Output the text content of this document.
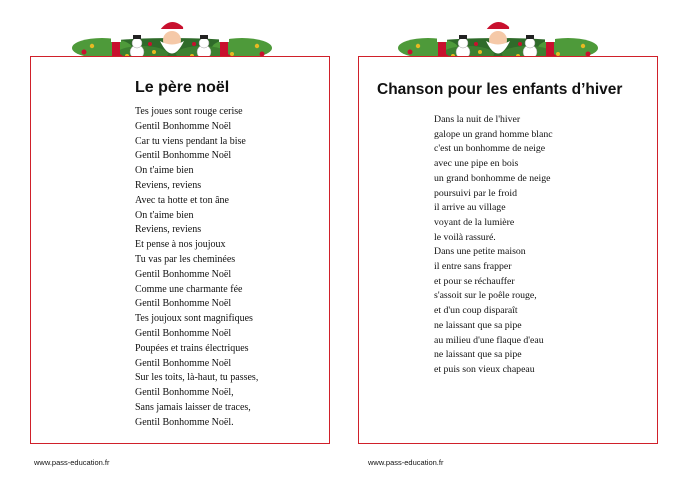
Le père noël
Tes joues sont rouge cerise
Gentil Bonhomme Noël
Car tu viens pendant la bise
Gentil Bonhomme Noël
On t'aime bien
Reviens, reviens
Avec ta hotte et ton âne
On t'aime bien
Reviens, reviens
Et pense à nos joujoux
Tu vas par les cheminées
Gentil Bonhomme Noël
Comme une charmante fée
Gentil Bonhomme Noël
Tes joujoux sont magnifiques
Gentil Bonhomme Noël
Poupées et trains électriques
Gentil Bonhomme Noël
Sur les toits, là-haut, tu passes,
Gentil Bonhomme Noël,
Sans jamais laisser de traces,
Gentil Bonhomme Noël.
Chanson pour les enfants d’hiver
Dans la nuit de l'hiver
galope un grand homme blanc
c'est un bonhomme de neige
avec une pipe en bois
un grand bonhomme de neige
poursuivi par le froid
il arrive au village
voyant de la lumière
le voilà rassuré.
Dans une petite maison
il entre sans frapper
et pour se réchauffer
s'assoit sur le poêle rouge,
et d'un coup disparaît
ne laissant que sa pipe
au milieu d'une flaque d'eau
ne laissant que sa pipe
et puis son vieux chapeau
www.pass-education.fr	www.pass-education.fr
